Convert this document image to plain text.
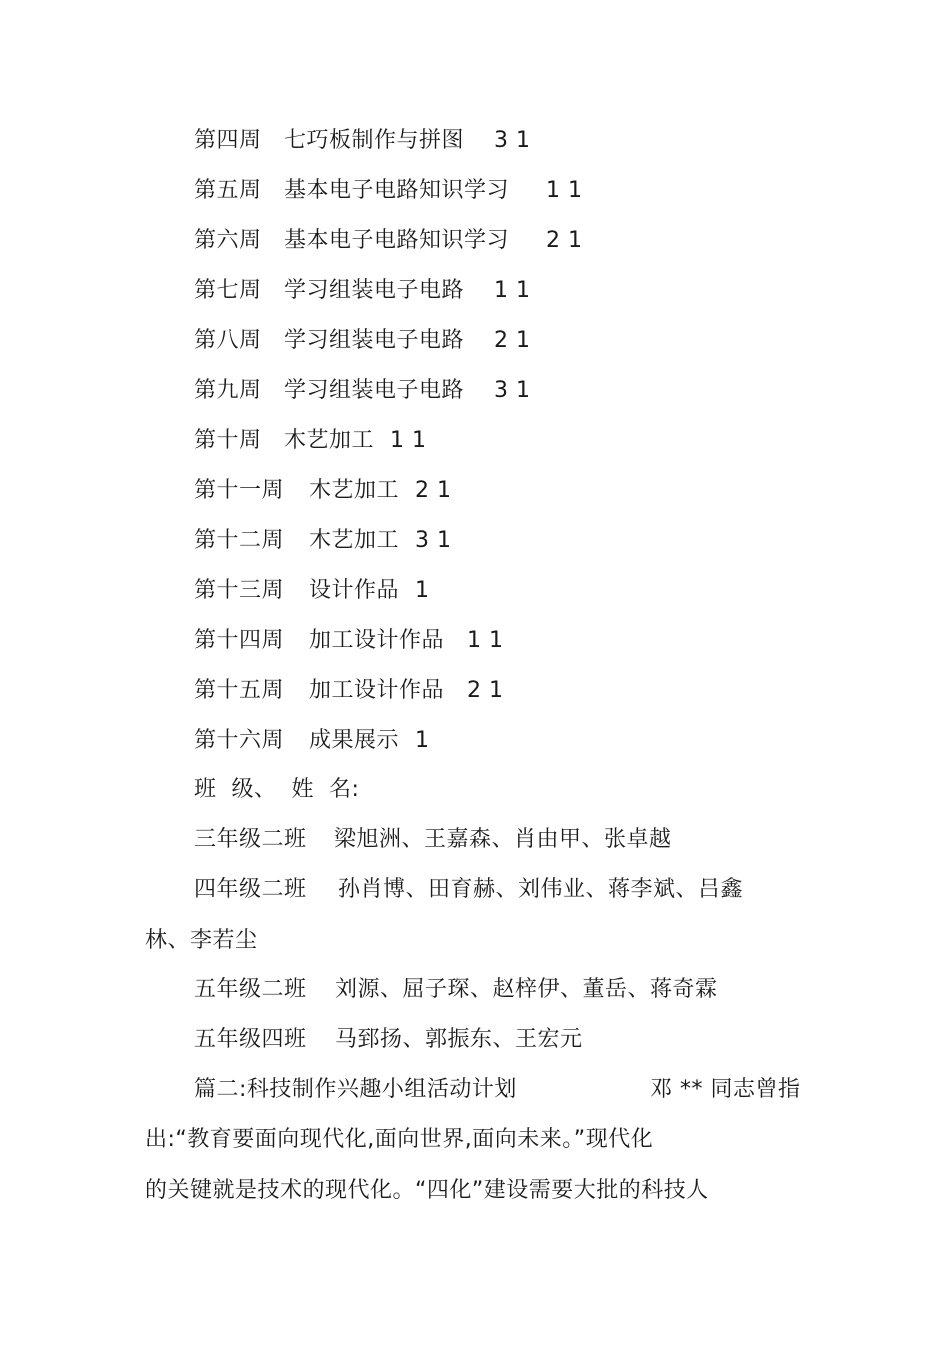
第四周 七巧板制作与拼图 3 1
第五周 基本电子电路知识学习 1 1
第六周 基本电子电路知识学习 2 1
第七周 学习组装电子电路 1 1
第八周 学习组装电子电路 2 1
第九周 学习组装电子电路 3 1
第十周 木艺加工 1 1
第十一周 木艺加工 2 1
第十二周 木艺加工 3 1
第十三周 设计作品 1
第十四周 加工设计作品 1 1
第十五周 加工设计作品 2 1
第十六周 成果展示 1
班  级、  姓  名:
三年级二班 梁旭洲、王嘉森、肖由甲、张卓越
四年级二班 孙肖博、田育赫、刘伟业、蒋李斌、吕鑫
林、李若尘
五年级二班 刘源、屈子琛、赵梓伊、董岳、蒋奇霖
五年级四班 马郅扬、郭振东、王宏元
篇二:科技制作兴趣小组活动计划	邓 ** 同志曾指
出:“教育要面向现代化,面向世界,面向未来。”现代化
的关键就是技术的现代化。“四化”建设需要大批的科技人
